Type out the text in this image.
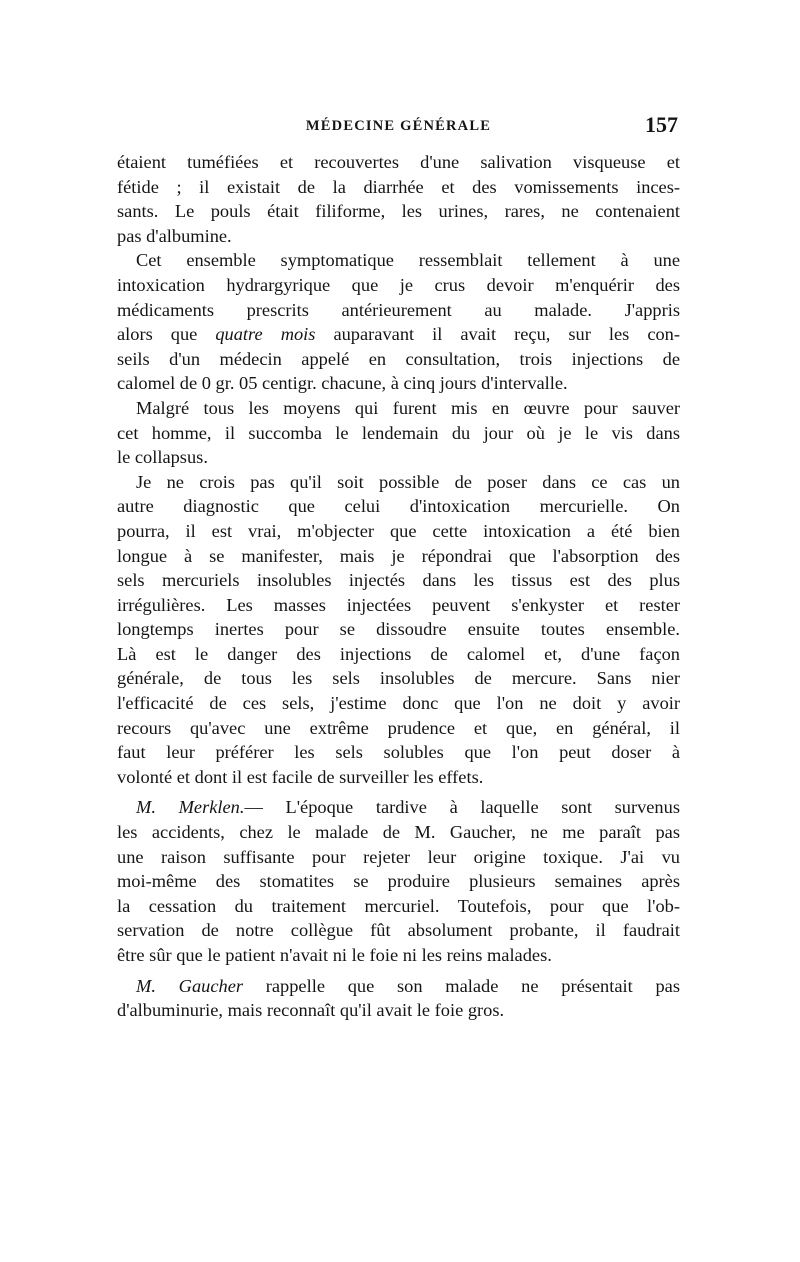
MÉDECINE GÉNÉRALE	157
étaient tuméfiées et recouvertes d'une salivation visqueuse et
fétide ; il existait de la diarrhée et des vomissements inces-
sants. Le pouls était filiforme, les urines, rares, ne contenaient
pas d'albumine.
Cet ensemble symptomatique ressemblait tellement à une
intoxication hydrargyrique que je crus devoir m'enquérir des
médicaments prescrits antérieurement au malade. J'appris
alors que quatre mois auparavant il avait reçu, sur les con-
seils d'un médecin appelé en consultation, trois injections de
calomel de 0 gr. 05 centigr. chacune, à cinq jours d'intervalle.
Malgré tous les moyens qui furent mis en œuvre pour sauver
cet homme, il succomba le lendemain du jour où je le vis dans
le collapsus.
Je ne crois pas qu'il soit possible de poser dans ce cas un
autre diagnostic que celui d'intoxication mercurielle. On
pourra, il est vrai, m'objecter que cette intoxication a été bien
longue à se manifester, mais je répondrai que l'absorption des
sels mercuriels insolubles injectés dans les tissus est des plus
irrégulières. Les masses injectées peuvent s'enkyster et rester
longtemps inertes pour se dissoudre ensuite toutes ensemble.
Là est le danger des injections de calomel et, d'une façon
générale, de tous les sels insolubles de mercure. Sans nier
l'efficacité de ces sels, j'estime donc que l'on ne doit y avoir
recours qu'avec une extrême prudence et que, en général, il
faut leur préférer les sels solubles que l'on peut doser à
volonté et dont il est facile de surveiller les effets.
M. Merklen.— L'époque tardive à laquelle sont survenus
les accidents, chez le malade de M. Gaucher, ne me paraît pas
une raison suffisante pour rejeter leur origine toxique. J'ai vu
moi-même des stomatites se produire plusieurs semaines après
la cessation du traitement mercuriel. Toutefois, pour que l'ob-
servation de notre collègue fût absolument probante, il faudrait
être sûr que le patient n'avait ni le foie ni les reins malades.
M. Gaucher rappelle que son malade ne présentait pas
d'albuminurie, mais reconnaît qu'il avait le foie gros.
